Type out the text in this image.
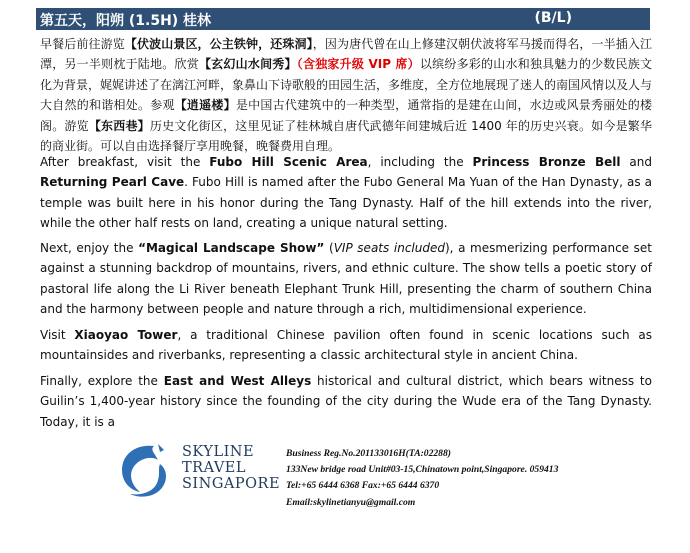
第五天，阳朔 (1.5H) 桂林	(B/L)
早餐后前往游览【伏波山景区，公主铁钟，还珠洞】，因为唐代曾在山上修建汉朝伏波将军马援而得名，一半插入江潭，另一半则枕于陆地。欣赏【玄幻山水间秀】（含独家升级 VIP 席）以缤纷多彩的山水和独具魅力的少数民族文化为背景，娓娓讲述了在漓江河畔，象鼻山下诗歌般的田园生活，多维度，全方位地展现了迷人的南国风情以及人与大自然的和谐相处。参观【逍遥楼】是中国古代建筑中的一种类型，通常指的是建在山间，水边或风景秀丽处的楼阁。游览【东西巷】历史文化街区，这里见证了桂林城自唐代武德年间建城后近 1400 年的历史兴衰。如今是繁华的商业街。可以自由选择餐厅享用晚餐，晚餐费用自理。
After breakfast, visit the Fubo Hill Scenic Area, including the Princess Bronze Bell and Returning Pearl Cave. Fubo Hill is named after the Fubo General Ma Yuan of the Han Dynasty, as a temple was built here in his honor during the Tang Dynasty. Half of the hill extends into the river, while the other half rests on land, creating a unique natural setting.
Next, enjoy the “Magical Landscape Show” (VIP seats included), a mesmerizing performance set against a stunning backdrop of mountains, rivers, and ethnic culture. The show tells a poetic story of pastoral life along the Li River beneath Elephant Trunk Hill, presenting the charm of southern China and the harmony between people and nature through a rich, multidimensional experience.
Visit Xiaoyao Tower, a traditional Chinese pavilion often found in scenic locations such as mountainsides and riverbanks, representing a classic architectural style in ancient China.
Finally, explore the East and West Alleys historical and cultural district, which bears witness to Guilin’s 1,400-year history since the founding of the city during the Wude era of the Tang Dynasty. Today, it is a
SKYLINE
TRAVEL
SINGAPORE
Business Reg.No.201133016H(TA:02288)
133New bridge road Unit#03-15,Chinatown point,Singapore. 059413
Tel:+65 6444 6368 Fax:+65 6444 6370
Email:skylinetianyu@gmail.com
